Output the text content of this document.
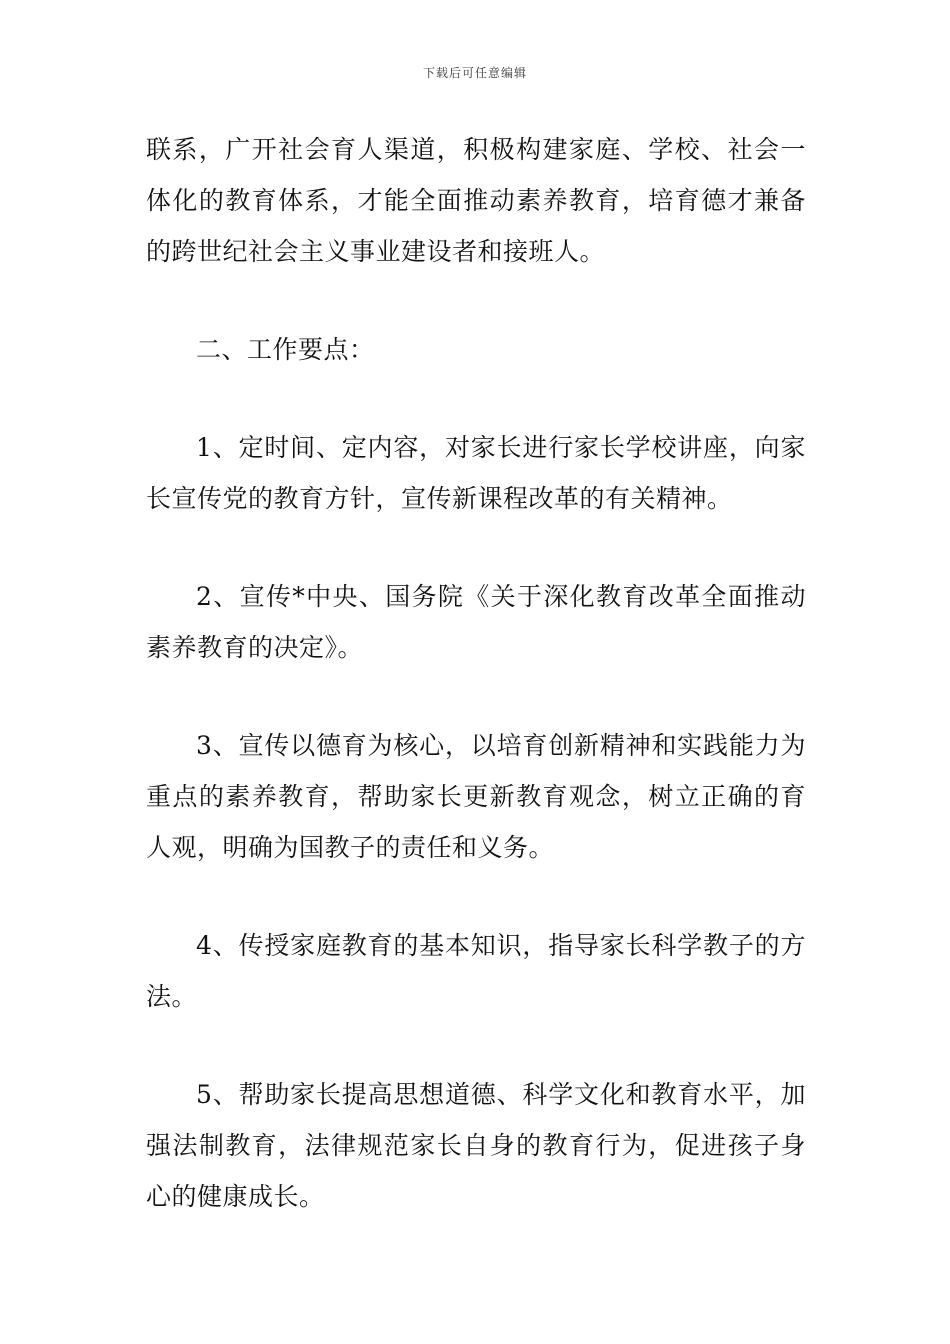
下载后可任意编辑

联系，广开社会育人渠道，积极构建家庭、学校、社会一体化的教育体系，才能全面推动素养教育，培育德才兼备的跨世纪社会主义事业建设者和接班人。

二、工作要点：

1、定时间、定内容，对家长进行家长学校讲座，向家长宣传党的教育方针，宣传新课程改革的有关精神。

2、宣传*中央、国务院《关于深化教育改革全面推动素养教育的决定》。

3、宣传以德育为核心，以培育创新精神和实践能力为重点的素养教育，帮助家长更新教育观念，树立正确的育人观，明确为国教子的责任和义务。

4、传授家庭教育的基本知识，指导家长科学教子的方法。

5、帮助家长提高思想道德、科学文化和教育水平，加强法制教育，法律规范家长自身的教育行为，促进孩子身心的健康成长。
